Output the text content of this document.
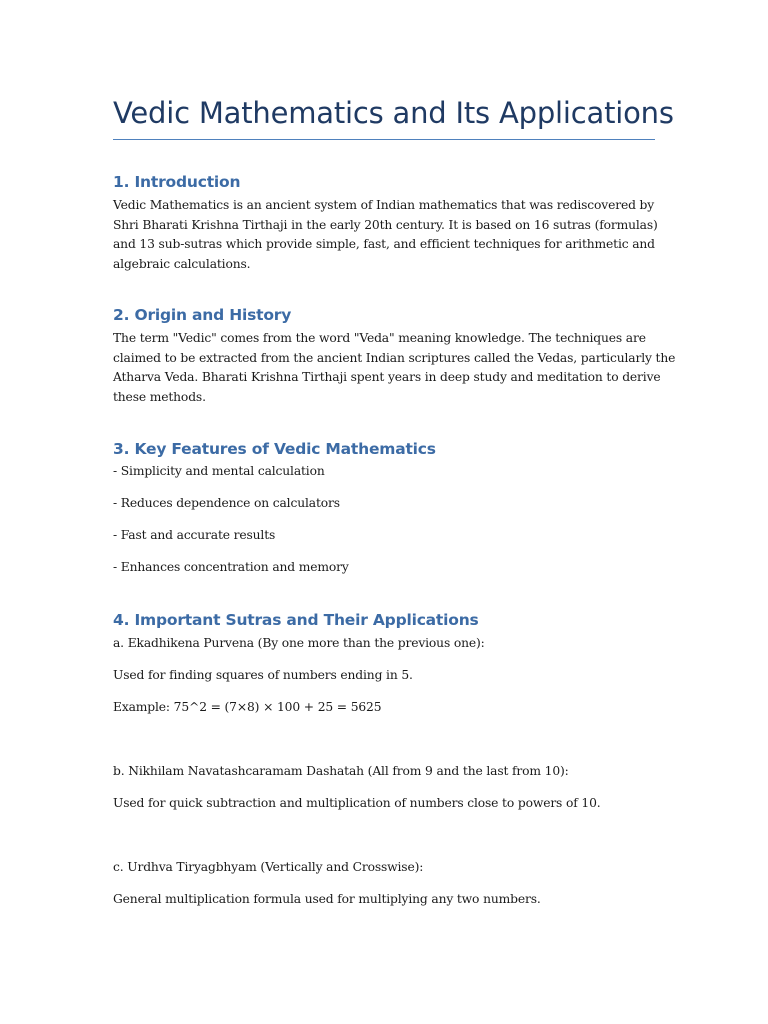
Vedic Mathematics and Its Applications
1. Introduction
Vedic Mathematics is an ancient system of Indian mathematics that was rediscovered by
Shri Bharati Krishna Tirthaji in the early 20th century. It is based on 16 sutras (formulas)
and 13 sub-sutras which provide simple, fast, and efficient techniques for arithmetic and
algebraic calculations.
2. Origin and History
The term "Vedic" comes from the word "Veda" meaning knowledge. The techniques are
claimed to be extracted from the ancient Indian scriptures called the Vedas, particularly the
Atharva Veda. Bharati Krishna Tirthaji spent years in deep study and meditation to derive
these methods.
3. Key Features of Vedic Mathematics
- Simplicity and mental calculation
- Reduces dependence on calculators
- Fast and accurate results
- Enhances concentration and memory
4. Important Sutras and Their Applications
a. Ekadhikena Purvena (By one more than the previous one):
Used for finding squares of numbers ending in 5.
Example: 75^2 = (7×8) × 100 + 25 = 5625
b. Nikhilam Navatashcaramam Dashatah (All from 9 and the last from 10):
Used for quick subtraction and multiplication of numbers close to powers of 10.
c. Urdhva Tiryagbhyam (Vertically and Crosswise):
General multiplication formula used for multiplying any two numbers.
